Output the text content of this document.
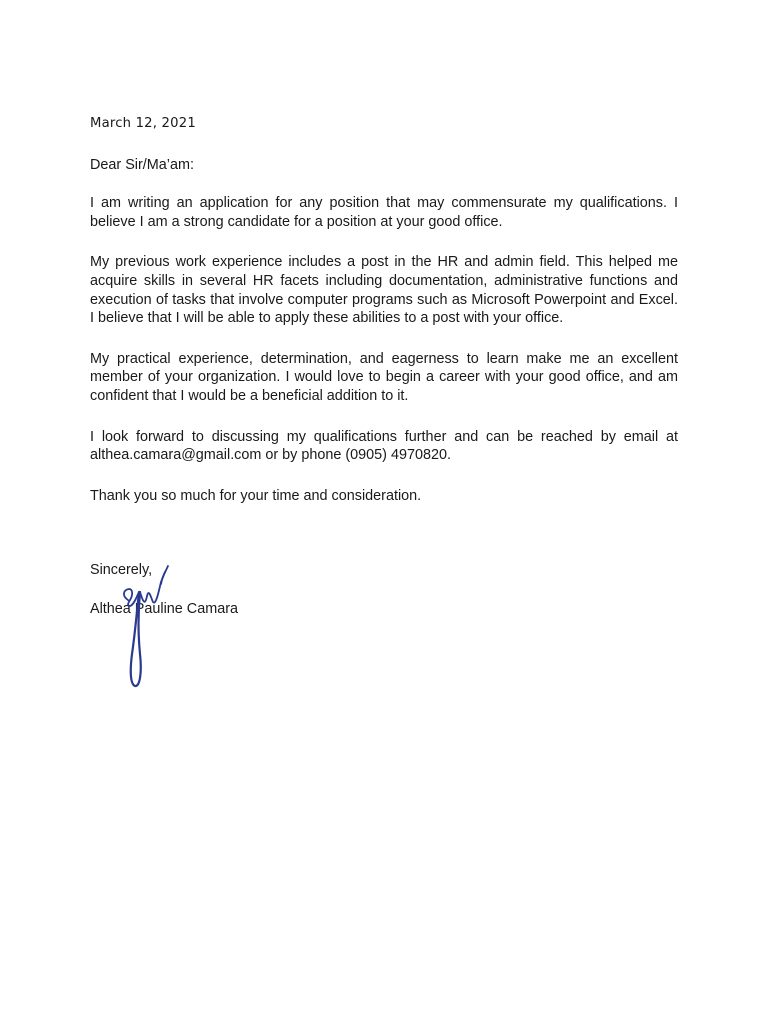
March 12, 2021

Dear Sir/Ma’am:

I am writing an application for any position that may commensurate my qualifications. I believe I am a strong candidate for a position at your good office.

My previous work experience includes a post in the HR and admin field. This helped me acquire skills in several HR facets including documentation, administrative functions and execution of tasks that involve computer programs such as Microsoft Powerpoint and Excel. I believe that I will be able to apply these abilities to a post with your office.

My practical experience, determination, and eagerness to learn make me an excellent member of your organization. I would love to begin a career with your good office, and am confident that I would be a beneficial addition to it.

I look forward to discussing my qualifications further and can be reached by email at althea.camara@gmail.com or by phone (0905) 4970820.

Thank you so much for your time and consideration.

Sincerely,

Althea Pauline Camara
